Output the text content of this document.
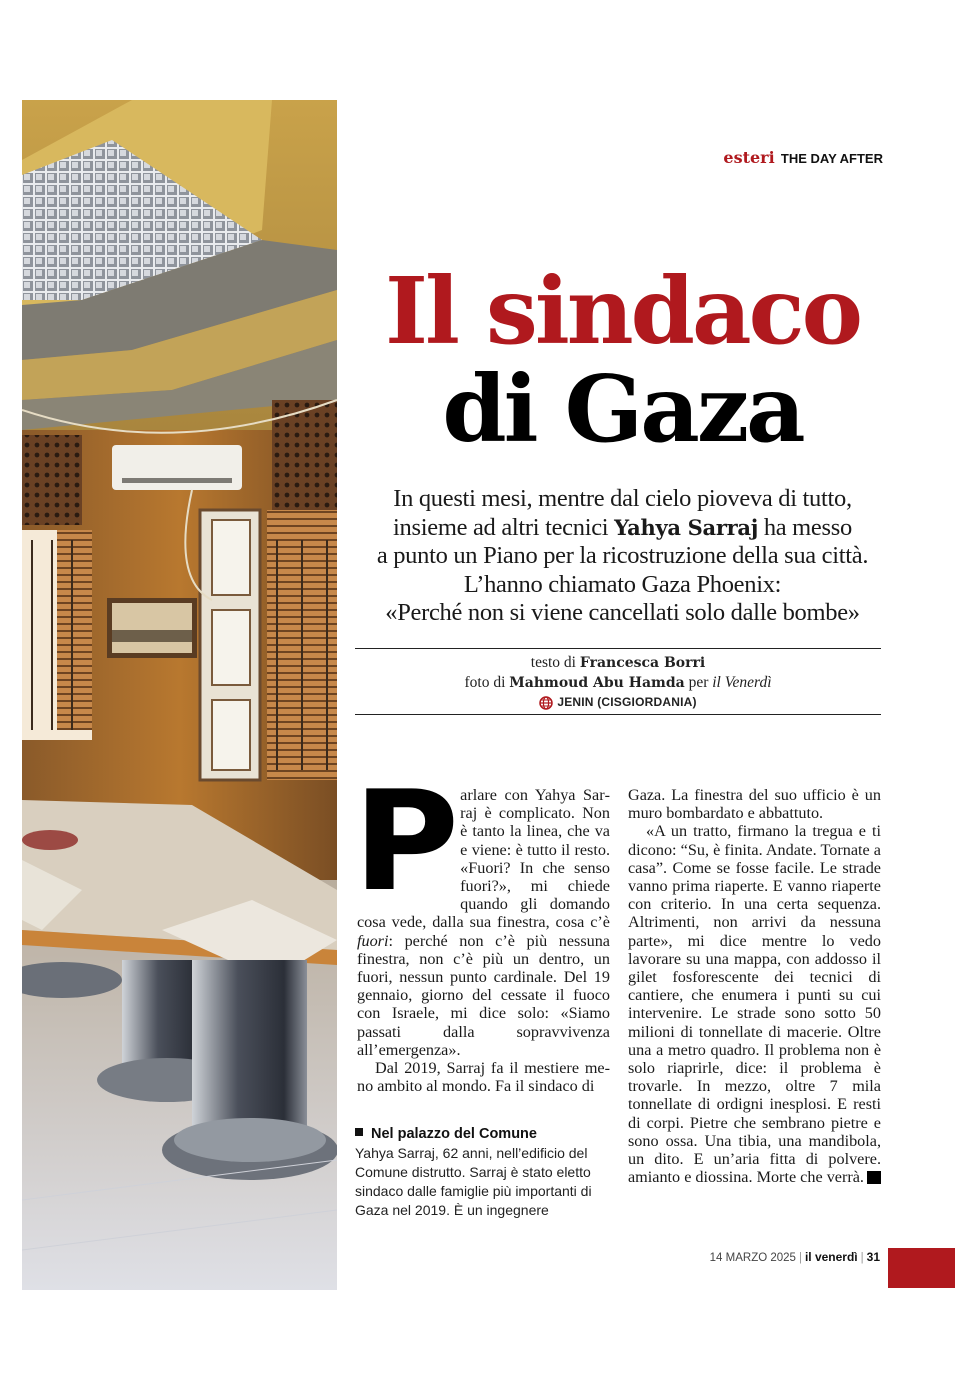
esteri THE DAY AFTER
Il sindaco
di Gaza
In questi mesi, mentre dal cielo pioveva di tutto,
insieme ad altri tecnici Yahya Sarraj ha messo
a punto un Piano per la ricostruzione della sua città.
L’hanno chiamato Gaza Phoenix:
«Perché non si viene cancellati solo dalle bombe»
testo di Francesca Borri
foto di Mahmoud Abu Hamda per il Venerdì
JENIN (CISGIORDANIA)

Parlare con Yahya Sarraj è complicato. Non è tanto la linea, che va e viene: è tutto il resto. «Fuori? In che senso fuori?», mi chiede quando gli domando cosa vede, dalla sua finestra, cosa c’è fuori: perché non c’è più nessuna finestra, non c’è più un dentro, un fuori, nessun punto cardinale. Del 19 gennaio, giorno del cessate il fuoco con Israele, mi dice solo: «Siamo passati dalla sopravvivenza all’emergenza».

Dal 2019, Sarraj fa il mestiere meno ambito al mondo. Fa il sindaco di

Nel palazzo del Comune
Yahya Sarraj, 62 anni, nell’edificio del Comune distrutto. Sarraj è stato eletto sindaco dalle famiglie più importanti di Gaza nel 2019. È un ingegnere

Gaza. La finestra del suo ufficio è un muro bombardato e abbattuto.

«A un tratto, firmano la tregua e ti dicono: “Su, è finita. Andate. Tornate a casa”. Come se fosse facile. Le strade vanno prima riaperte. E vanno riaperte con criterio. In una certa sequenza. Altrimenti, non arrivi da nessuna parte», mi dice mentre lo vedo lavorare su una mappa, con addosso il gilet fosforescente dei tecnici di cantiere, che enumera i punti su cui intervenire. Le strade sono sotto 50 milioni di tonnellate di macerie. Oltre una a metro quadro. Il problema non è solo riaprirle, dice: il problema è trovarle. In mezzo, oltre 7 mila tonnellate di ordigni inesplosi. E resti di corpi. Pietre che sembrano pietre e sono ossa. Una tibia, una mandibola, un dito. E un’aria fitta di polvere. amianto e diossina. Morte che verrà.	➔

14 MARZO 2025 | il venerdì | 31
